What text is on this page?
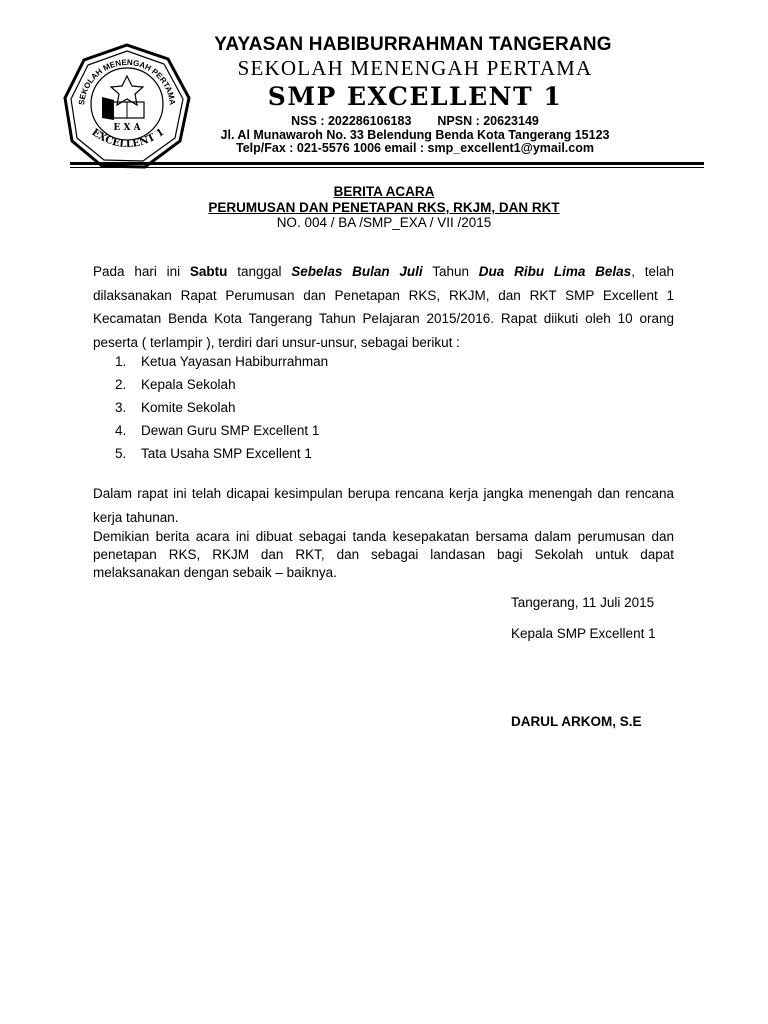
SEKOLAH MENENGAH PERTAMA
E X A
EXCELLENT 1
YAYASAN HABIBURRAHMAN TANGERANG
SEKOLAH MENENGAH PERTAMA
SMP EXCELLENT 1
NSS : 202286106183 NPSN : 20623149
Jl. Al Munawaroh No. 33 Belendung Benda Kota Tangerang 15123
Telp/Fax : 021-5576 1006 email : smp_excellent1@ymail.com
BERITA ACARA
PERUMUSAN DAN PENETAPAN RKS, RKJM, DAN RKT
NO. 004 / BA /SMP_EXA / VII /2015
Pada hari ini Sabtu tanggal Sebelas Bulan Juli Tahun Dua Ribu Lima Belas, telah dilaksanakan Rapat Perumusan dan Penetapan RKS, RKJM, dan RKT SMP Excellent 1 Kecamatan Benda Kota Tangerang Tahun Pelajaran 2015/2016. Rapat diikuti oleh 10 orang peserta ( terlampir ), terdiri dari unsur-unsur, sebagai berikut :
1. Ketua Yayasan Habiburrahman
2. Kepala Sekolah
3. Komite Sekolah
4. Dewan Guru SMP Excellent 1
5. Tata Usaha SMP Excellent 1
Dalam rapat ini telah dicapai kesimpulan berupa rencana kerja jangka menengah dan rencana kerja tahunan.
Demikian berita acara ini dibuat sebagai tanda kesepakatan bersama dalam perumusan dan penetapan RKS, RKJM dan RKT, dan sebagai landasan bagi Sekolah untuk dapat melaksanakan dengan sebaik – baiknya.
Tangerang, 11 Juli 2015
Kepala SMP Excellent 1
DARUL ARKOM, S.E
